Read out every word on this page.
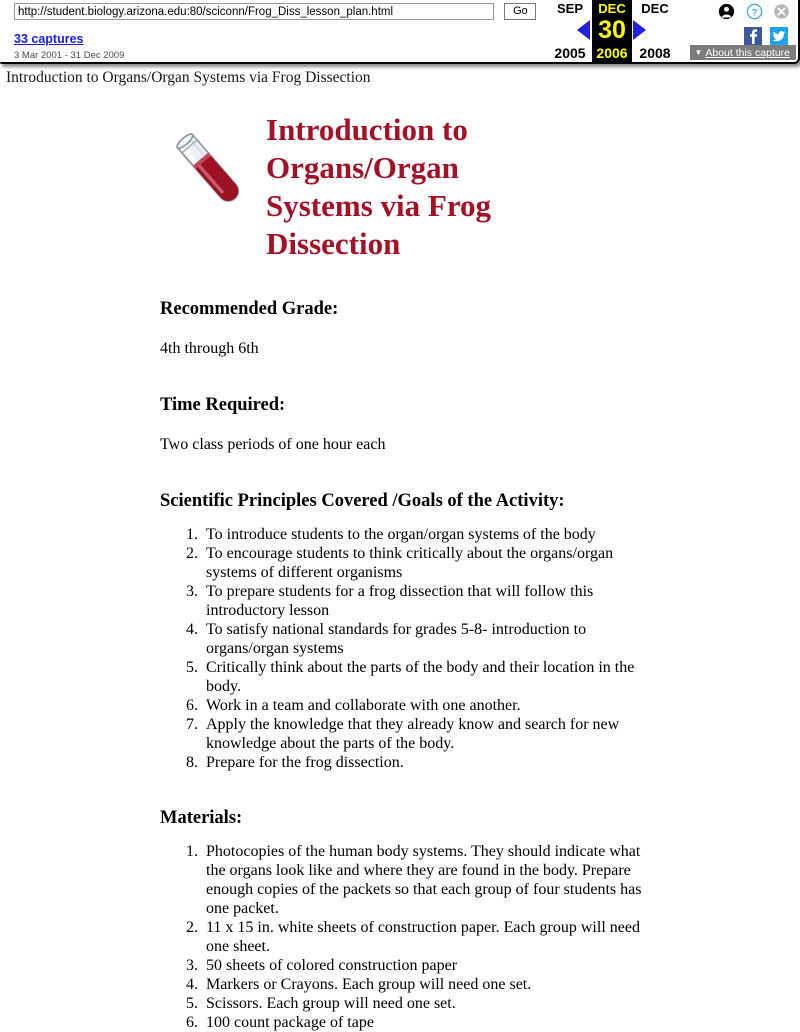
http://student.biology.arizona.edu:80/sciconn/Frog_Diss_lesson_plan.html Go
33 captures
3 Mar 2001 - 31 Dec 2009
SEP
2005
DEC
30
2006
DEC
2008

?

▼ About this capture
Introduction to Organs/Organ Systems via Frog Dissection
Introduction to Organs/Organ Systems via Frog Dissection
Recommended Grade:

4th through 6th

Time Required:

Two class periods of one hour each

Scientific Principles Covered /Goals of the Activity:
1. To introduce students to the organ/organ systems of the body
2. To encourage students to think critically about the organs/organ systems of different organisms
3. To prepare students for a frog dissection that will follow this introductory lesson
4. To satisfy national standards for grades 5-8- introduction to organs/organ systems
5. Critically think about the parts of the body and their location in the body.
6. Work in a team and collaborate with one another.
7. Apply the knowledge that they already know and search for new knowledge about the parts of the body.
8. Prepare for the frog dissection.
Materials:
1. Photocopies of the human body systems. They should indicate what the organs look like and where they are found in the body. Prepare enough copies of the packets so that each group of four students has one packet.
2. 11 x 15 in. white sheets of construction paper. Each group will need one sheet.
3. 50 sheets of colored construction paper
4. Markers or Crayons. Each group will need one set.
5. Scissors. Each group will need one set.
6. 100 count package of tape
